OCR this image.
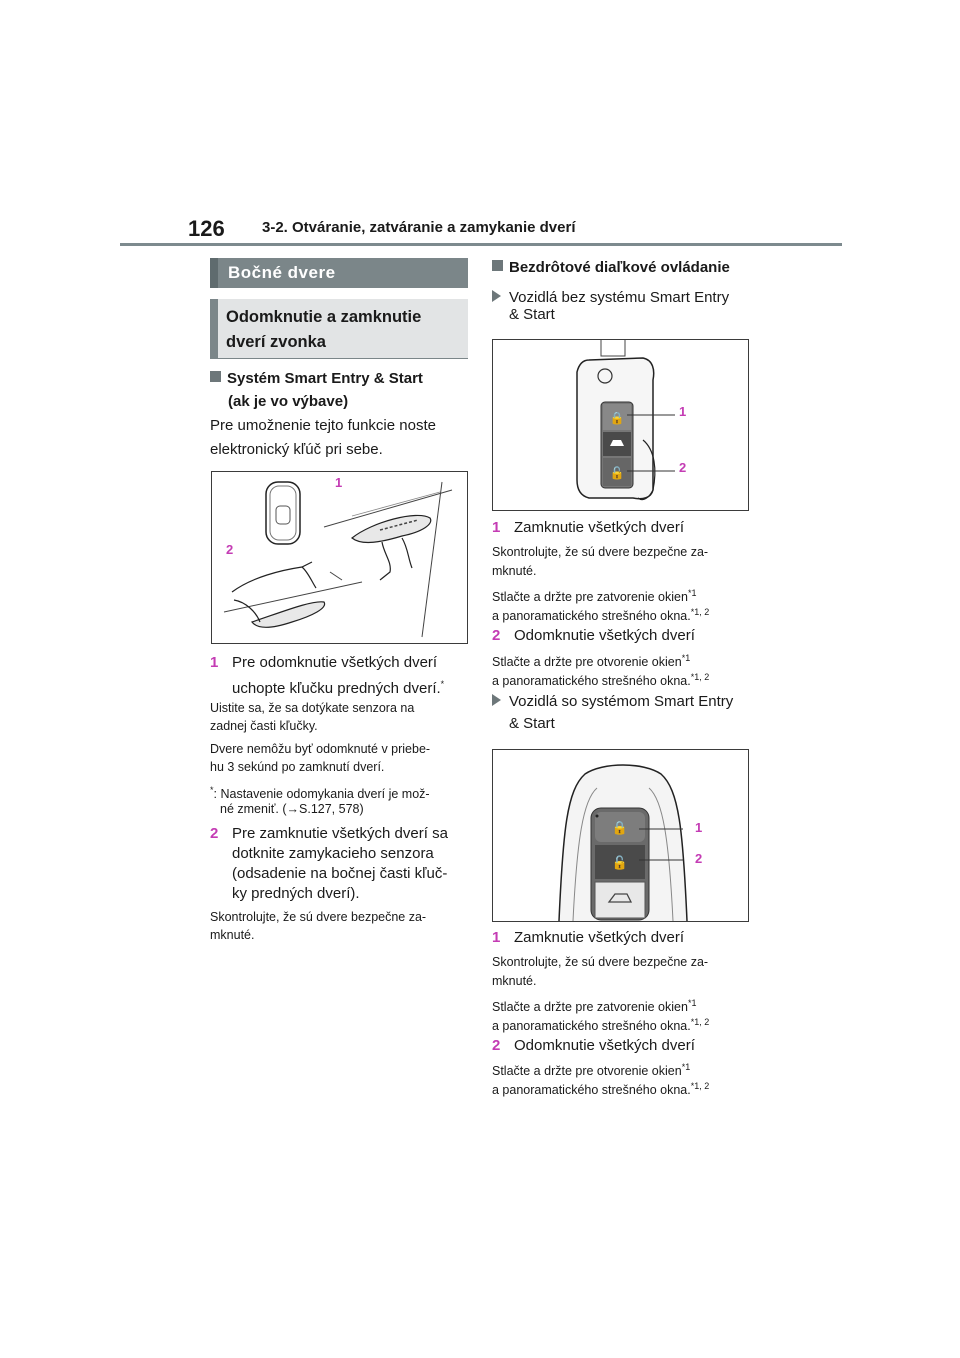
126 3-2. Otváranie, zatváranie a zamykanie dverí
Bočné dvere
Odomknutie a zamknutie dverí zvonka
Systém Smart Entry & Start
(ak je vo výbave)
Pre umožnenie tejto funkcie noste
elektronický kľúč pri sebe.
1
2
1 Pre odomknutie všetkých dverí
uchopte kľučku predných dverí.*
Uistite sa, že sa dotýkate senzora na
zadnej časti kľučky.
Dvere nemôžu byť odomknuté v priebe-
hu 3 sekúnd po zamknutí dverí.
*: Nastavenie odomykania dverí je mož-
né zmeniť. (→S.127, 578)
2 Pre zamknutie všetkých dverí sa
dotknite zamykacieho senzora
(odsadenie na bočnej časti kľuč-
ky predných dverí).
Skontrolujte, že sú dvere bezpečne za-
mknuté.
Bezdrôtové diaľkové ovládanie
Vozidlá bez systému Smart Entry
& Start
🔒
🔓
1
2
1 Zamknutie všetkých dverí
Skontrolujte, že sú dvere bezpečne za-
mknuté.
Stlačte a držte pre zatvorenie okien$^{*1}$
a panoramatického strešného okna.$^{*1, 2}$
2 Odomknutie všetkých dverí
Stlačte a držte pre otvorenie okien$^{*1}$
a panoramatického strešného okna.$^{*1, 2}$
Vozidlá so systémom Smart Entry
& Start
🔒
🔓
1
2
1 Zamknutie všetkých dverí
Skontrolujte, že sú dvere bezpečne za-
mknuté.
Stlačte a držte pre zatvorenie okien$^{*1}$
a panoramatického strešného okna.$^{*1, 2}$
2 Odomknutie všetkých dverí
Stlačte a držte pre otvorenie okien$^{*1}$
a panoramatického strešného okna.$^{*1, 2}$
